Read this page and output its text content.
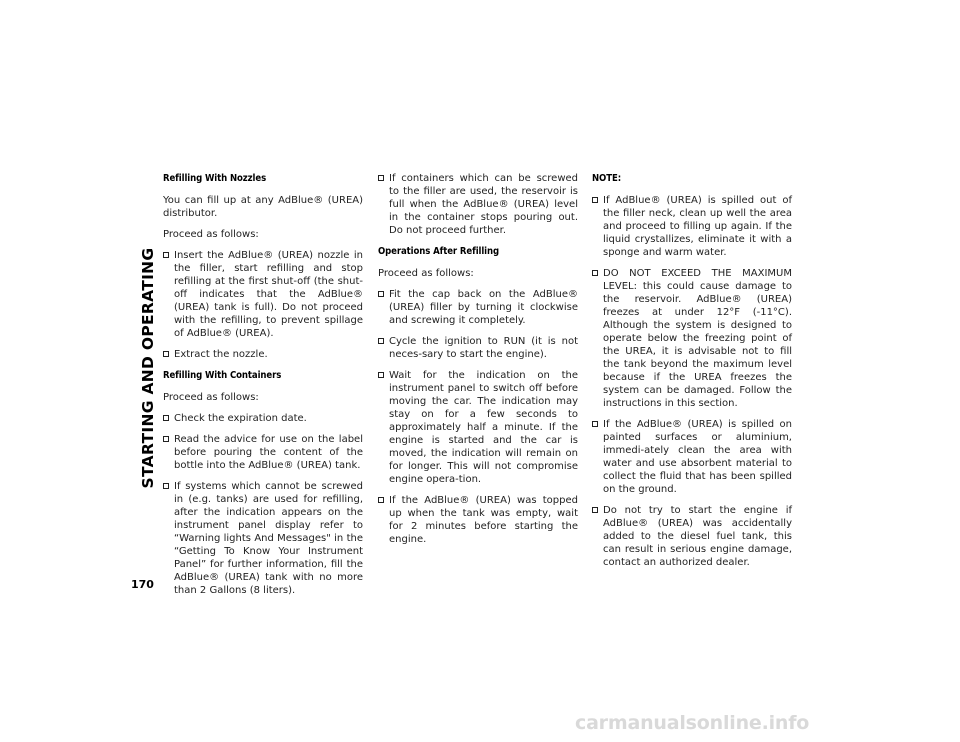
STARTING AND OPERATING
170
Refilling With Nozzles
You can fill up at any AdBlue® (UREA) distributor.
Proceed as follows:
Insert the AdBlue® (UREA) nozzle in the filler, start refilling and stop refilling at the first shut-off (the shut-off indicates that the AdBlue® (UREA) tank is full). Do not proceed with the refilling, to prevent spillage of AdBlue® (UREA).
Extract the nozzle.
Refilling With Containers
Proceed as follows:
Check the expiration date.
Read the advice for use on the label before pouring the content of the bottle into the AdBlue® (UREA) tank.
If systems which cannot be screwed in (e.g. tanks) are used for refilling, after the indication appears on the instrument panel display refer to “Warning lights And Messages" in the “Getting To Know Your Instrument Panel” for further information, fill the AdBlue® (UREA) tank with no more than 2 Gallons (8 liters).
If containers which can be screwed to the filler are used, the reservoir is full when the AdBlue® (UREA) level in the container stops pouring out. Do not proceed further.
Operations After Refilling
Proceed as follows:
Fit the cap back on the AdBlue® (UREA) filler by turning it clockwise and screwing it completely.
Cycle the ignition to RUN (it is not neces-sary to start the engine).
Wait for the indication on the instrument panel to switch off before moving the car. The indication may stay on for a few seconds to approximately half a minute. If the engine is started and the car is moved, the indication will remain on for longer. This will not compromise engine opera-tion.
If the AdBlue® (UREA) was topped up when the tank was empty, wait for 2 minutes before starting the engine.
NOTE:
If AdBlue® (UREA) is spilled out of the filler neck, clean up well the area and proceed to filling up again. If the liquid crystallizes, eliminate it with a sponge and warm water.
DO NOT EXCEED THE MAXIMUM LEVEL: this could cause damage to the reservoir. AdBlue® (UREA) freezes at under 12°F (-11°C). Although the system is designed to operate below the freezing point of the UREA, it is advisable not to fill the tank beyond the maximum level because if the UREA freezes the system can be damaged. Follow the instructions in this section.
If the AdBlue® (UREA) is spilled on painted surfaces or aluminium, immedi-ately clean the area with water and use absorbent material to collect the fluid that has been spilled on the ground.
Do not try to start the engine if AdBlue® (UREA) was accidentally added to the diesel fuel tank, this can result in serious engine damage, contact an authorized dealer.
carmanualsonline.info
